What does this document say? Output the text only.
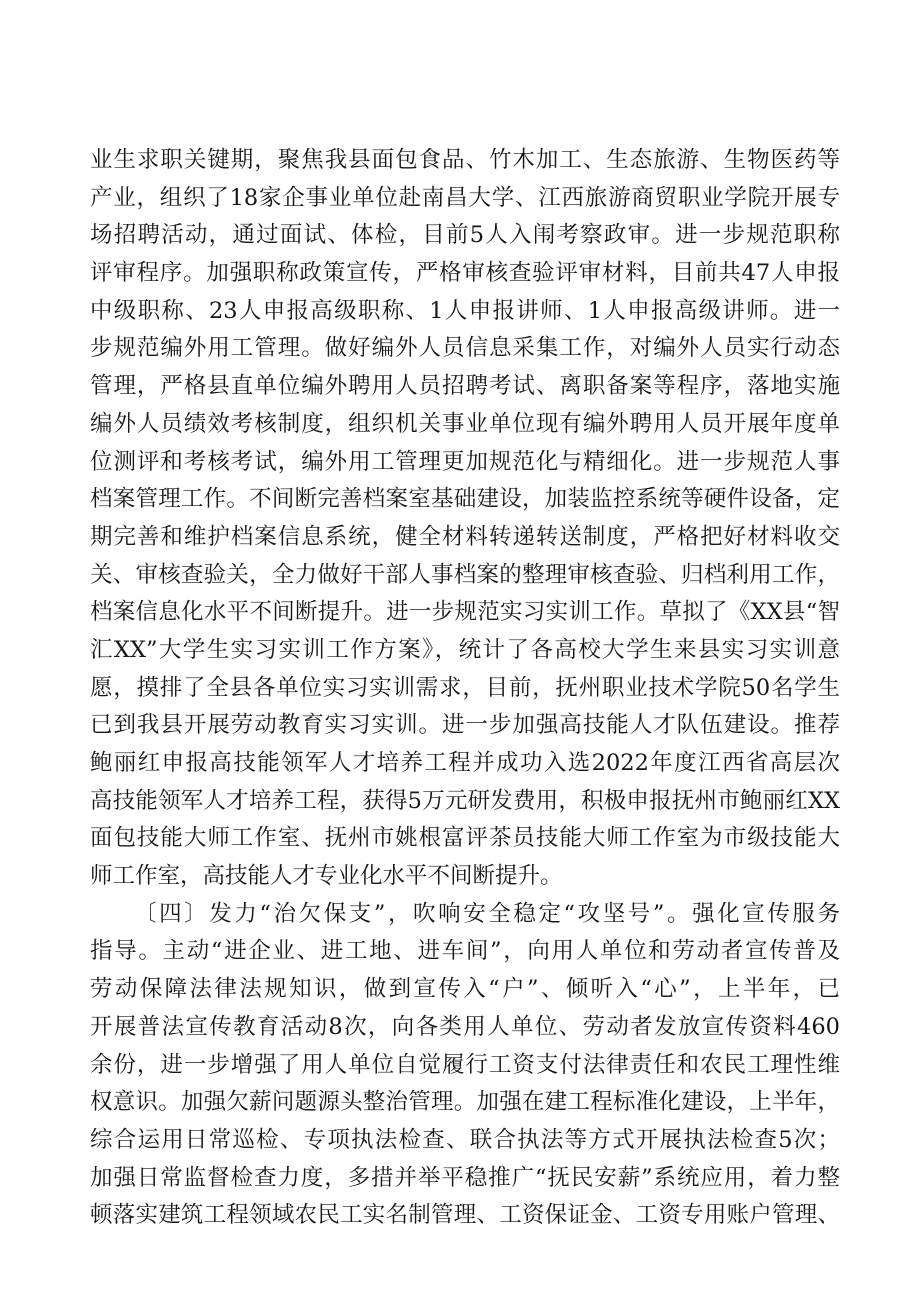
业生求职关键期，聚焦我县面包食品、竹木加工、生态旅游、生物医药等
产业，组织了18家企事业单位赴南昌大学、江西旅游商贸职业学院开展专
场招聘活动，通过面试、体检，目前5人入闱考察政审。进一步规范职称
评审程序。加强职称政策宣传，严格审核查验评审材料，目前共47人申报
中级职称、23人申报高级职称、1人申报讲师、1人申报高级讲师。进一
步规范编外用工管理。做好编外人员信息采集工作，对编外人员实行动态
管理，严格县直单位编外聘用人员招聘考试、离职备案等程序，落地实施
编外人员绩效考核制度，组织机关事业单位现有编外聘用人员开展年度单
位测评和考核考试，编外用工管理更加规范化与精细化。进一步规范人事
档案管理工作。不间断完善档案室基础建设，加装监控系统等硬件设备，定
期完善和维护档案信息系统，健全材料转递转送制度，严格把好材料收交
关、审核查验关，全力做好干部人事档案的整理审核查验、归档利用工作，
档案信息化水平不间断提升。进一步规范实习实训工作。草拟了《XX县“智
汇XX”大学生实习实训工作方案》，统计了各高校大学生来县实习实训意
愿，摸排了全县各单位实习实训需求，目前，抚州职业技术学院50名学生
已到我县开展劳动教育实习实训。进一步加强高技能人才队伍建设。推荐
鲍丽红申报高技能领军人才培养工程并成功入选2022年度江西省高层次
高技能领军人才培养工程，获得5万元研发费用，积极申报抚州市鲍丽红XX
面包技能大师工作室、抚州市姚根富评茶员技能大师工作室为市级技能大
师工作室，高技能人才专业化水平不间断提升。
〔四〕发力“治欠保支”，吹响安全稳定“攻坚号”。强化宣传服务
指导。主动“进企业、进工地、进车间”，向用人单位和劳动者宣传普及
劳动保障法律法规知识，做到宣传入“户”、倾听入“心”，上半年，已
开展普法宣传教育活动8次，向各类用人单位、劳动者发放宣传资料460
余份，进一步增强了用人单位自觉履行工资支付法律责任和农民工理性维
权意识。加强欠薪问题源头整治管理。加强在建工程标准化建设，上半年，
综合运用日常巡检、专项执法检查、联合执法等方式开展执法检查5次；
加强日常监督检查力度，多措并举平稳推广“抚民安薪”系统应用，着力整
顿落实建筑工程领域农民工实名制管理、工资保证金、工资专用账户管理、
